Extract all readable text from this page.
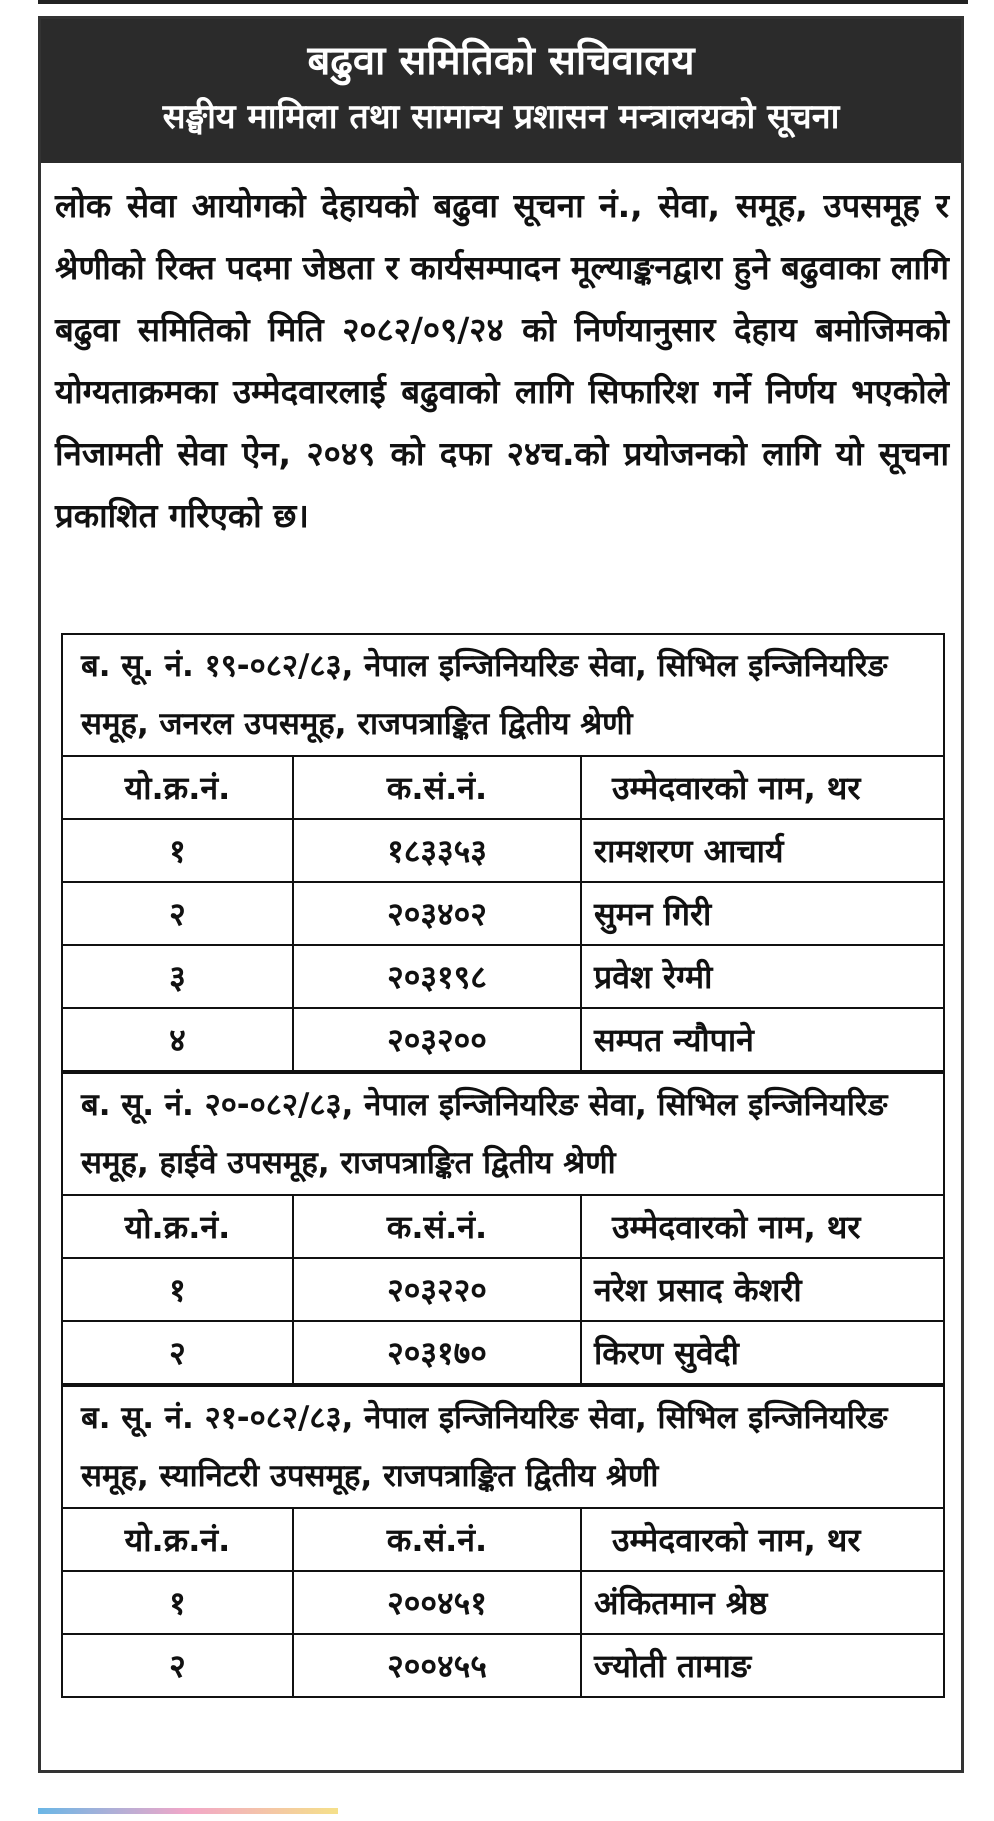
बढुवा समितिको सचिवालय
सङ्घीय मामिला तथा सामान्य प्रशासन मन्त्रालयको सूचना
लोक सेवा आयोगको देहायको बढुवा सूचना नं., सेवा, समूह, उपसमूह र श्रेणीको रिक्त पदमा जेष्ठता र कार्यसम्पादन मूल्याङ्कनद्वारा हुने बढुवाका लागि बढुवा समितिको मिति २०८२/०९/२४ को निर्णयानुसार देहाय बमोजिमको योग्यताक्रमका उम्मेदवारलाई बढुवाको लागि सिफारिश गर्ने निर्णय भएकोले निजामती सेवा ऐन, २०४९ को दफा २४च.को प्रयोजनको लागि यो सूचना प्रकाशित गरिएको छ।
ब. सू. नं. १९-०८२/८३, नेपाल इन्जिनियरिङ सेवा, सिभिल इन्जिनियरिङ समूह, जनरल उपसमूह, राजपत्राङ्कित द्वितीय श्रेणी		
यो.क्र.नं.	क.सं.नं.	उम्मेदवारको नाम, थर
१	१८३३५३	रामशरण आचार्य
२	२०३४०२	सुमन गिरी
३	२०३१९८	प्रवेश रेग्मी
४	२०३२००	सम्पत न्यौपाने
ब. सू. नं. २०-०८२/८३, नेपाल इन्जिनियरिङ सेवा, सिभिल इन्जिनियरिङ समूह, हाईवे उपसमूह, राजपत्राङ्कित द्वितीय श्रेणी		
यो.क्र.नं.	क.सं.नं.	उम्मेदवारको नाम, थर
१	२०३२२०	नरेश प्रसाद केशरी
२	२०३१७०	किरण सुवेदी
ब. सू. नं. २१-०८२/८३, नेपाल इन्जिनियरिङ सेवा, सिभिल इन्जिनियरिङ समूह, स्यानिटरी उपसमूह, राजपत्राङ्कित द्वितीय श्रेणी		
यो.क्र.नं.	क.सं.नं.	उम्मेदवारको नाम, थर
१	२००४५१	अंकितमान श्रेष्ठ
२	२००४५५	ज्योती तामाङ
